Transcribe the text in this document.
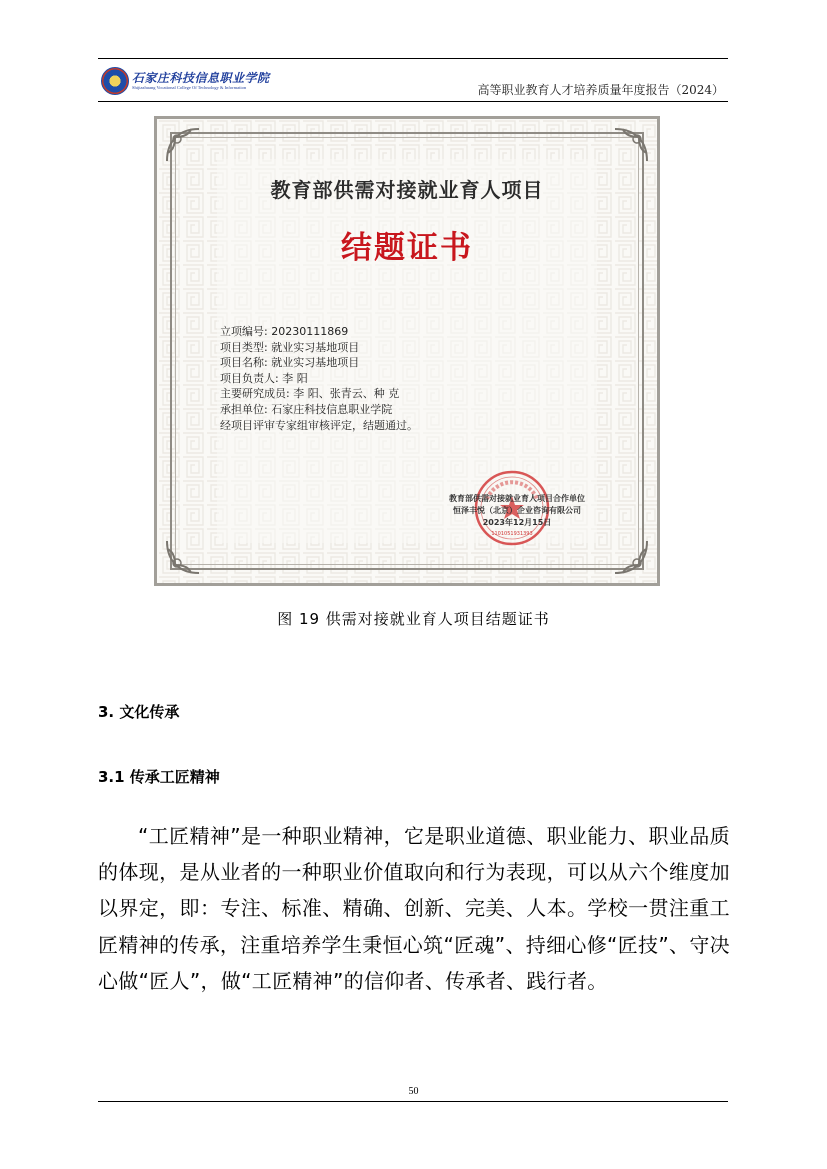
石家庄科技信息职业学院
Shijiazhuang Vocational College Of Technology & Information	高等职业教育人才培养质量年度报告（2024）
教育部供需对接就业育人项目
结题证书
立项编号: 20230111869
项目类型: 就业实习基地项目
项目名称: 就业实习基地项目
项目负责人: 李 阳
主要研究成员: 李 阳、张青云、种 克
承担单位: 石家庄科技信息职业学院
经项目评审专家组审核评定，结题通过。
1101051931393
教育部供需对接就业育人项目合作单位
恒泽丰悦（北京）企业咨询有限公司
2023年12月15日
图 19 供需对接就业育人项目结题证书
3. 文化传承
3.1 传承工匠精神

“工匠精神”是一种职业精神，它是职业道德、职业能力、职业品质的体现，是从业者的一种职业价值取向和行为表现，可以从六个维度加以界定，即：专注、标准、精确、创新、完美、人本。学校一贯注重工匠精神的传承，注重培养学生秉恒心筑“匠魂”、持细心修“匠技”、守决心做“匠人”，做“工匠精神”的信仰者、传承者、践行者。

50
